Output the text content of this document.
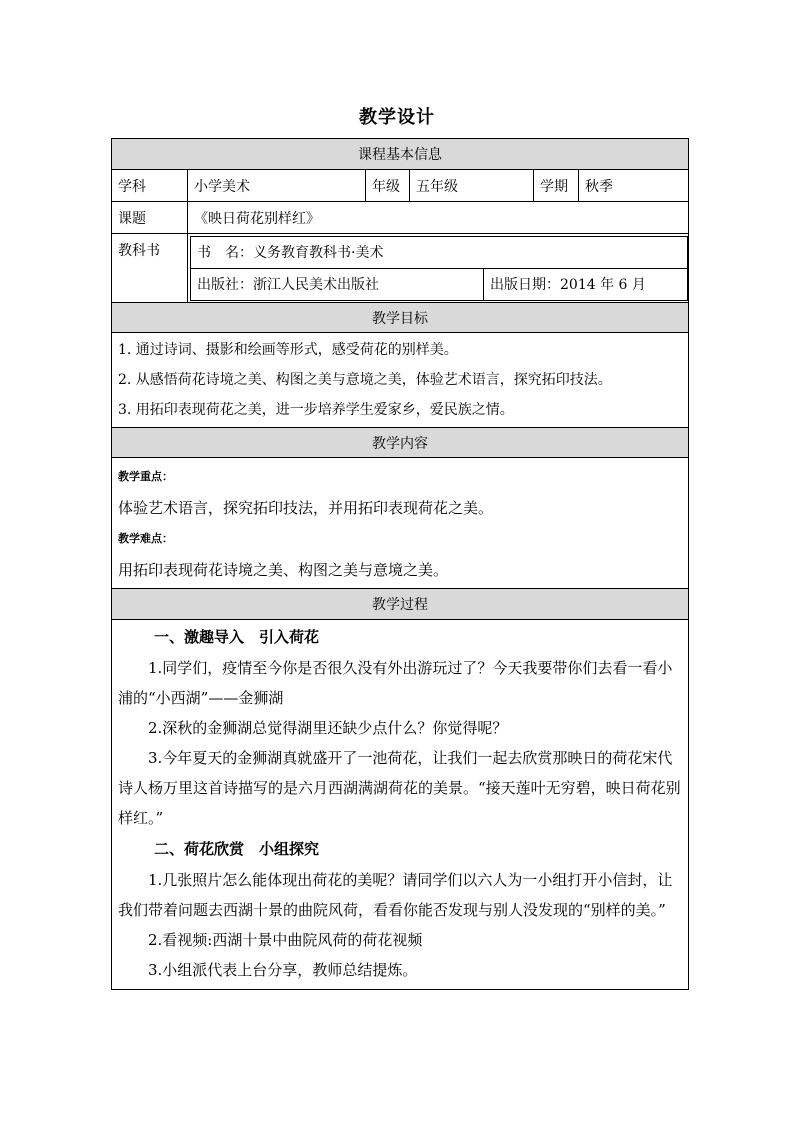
教学设计
课程基本信息
学科	小学美术	年级	五年级	学期	秋季
课题	《映日荷花别样红》
教科书		书　名：义务教育教科书·美术
出版社：浙江人民美术出版社	出版日期：2014 年 6 月

教学目标

1. 通过诗词、摄影和绘画等形式，感受荷花的别样美。
2. 从感悟荷花诗境之美、构图之美与意境之美，体验艺术语言，探究拓印技法。
3. 用拓印表现荷花之美，进一步培养学生爱家乡，爱民族之情。

教学内容

教学重点：
体验艺术语言，探究拓印技法，并用拓印表现荷花之美。
教学难点：
用拓印表现荷花诗境之美、构图之美与意境之美。

教学过程

一、激趣导入　引入荷花
1.同学们，疫情至今你是否很久没有外出游玩过了？今天我要带你们去看一看小浦的“小西湖”——金狮湖
2.深秋的金狮湖总觉得湖里还缺少点什么？你觉得呢？
3.今年夏天的金狮湖真就盛开了一池荷花，让我们一起去欣赏那映日的荷花宋代诗人杨万里这首诗描写的是六月西湖满湖荷花的美景。“接天莲叶无穷碧，映日荷花别样红。”
二、荷花欣赏　小组探究
1.几张照片怎么能体现出荷花的美呢？请同学们以六人为一小组打开小信封，让我们带着问题去西湖十景的曲院风荷，看看你能否发现与别人没发现的“别样的美。”
2.看视频:西湖十景中曲院风荷的荷花视频
3.小组派代表上台分享，教师总结提炼。
